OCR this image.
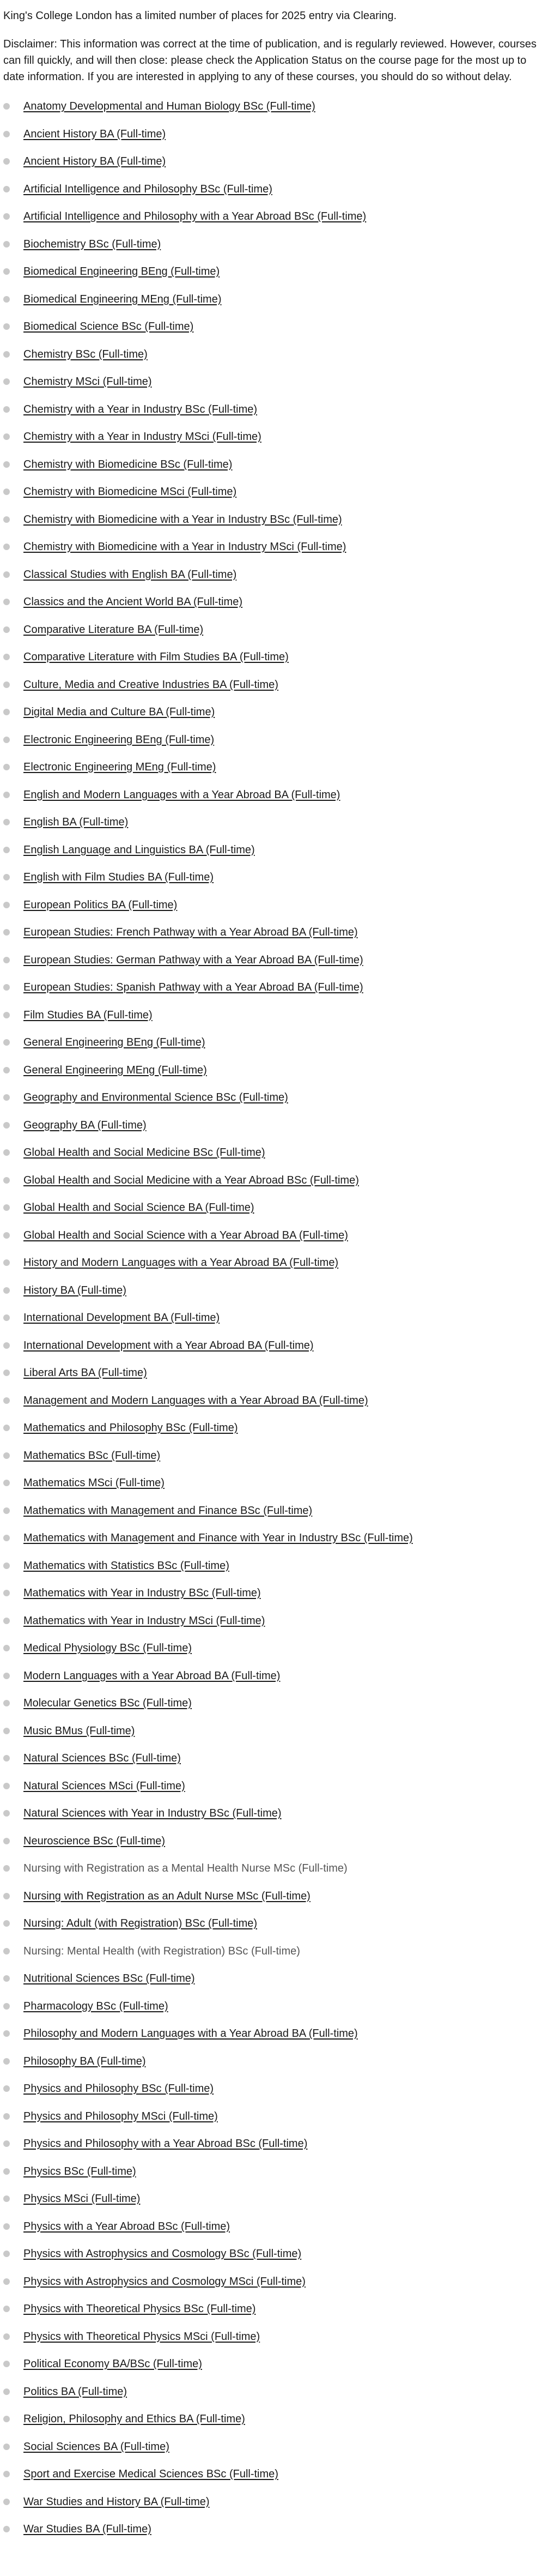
King's College London has a limited number of places for 2025 entry via Clearing.

Disclaimer: This information was correct at the time of publication, and is regularly reviewed. However, courses can fill quickly, and will then close: please check the Application Status on the course page for the most up to date information. If you are interested in applying to any of these courses, you should do so without delay.

Anatomy Developmental and Human Biology BSc (Full-time)
Ancient History BA (Full-time)
Ancient History BA (Full-time)
Artificial Intelligence and Philosophy BSc (Full-time)
Artificial Intelligence and Philosophy with a Year Abroad BSc (Full-time)
Biochemistry BSc (Full-time)
Biomedical Engineering BEng (Full-time)
Biomedical Engineering MEng (Full-time)
Biomedical Science BSc (Full-time)
Chemistry BSc (Full-time)
Chemistry MSci (Full-time)
Chemistry with a Year in Industry BSc (Full-time)
Chemistry with a Year in Industry MSci (Full-time)
Chemistry with Biomedicine BSc (Full-time)
Chemistry with Biomedicine MSci (Full-time)
Chemistry with Biomedicine with a Year in Industry BSc (Full-time)
Chemistry with Biomedicine with a Year in Industry MSci (Full-time)
Classical Studies with English BA (Full-time)
Classics and the Ancient World BA (Full-time)
Comparative Literature BA (Full-time)
Comparative Literature with Film Studies BA (Full-time)
Culture, Media and Creative Industries BA (Full-time)
Digital Media and Culture BA (Full-time)
Electronic Engineering BEng (Full-time)
Electronic Engineering MEng (Full-time)
English and Modern Languages with a Year Abroad BA (Full-time)
English BA (Full-time)
English Language and Linguistics BA (Full-time)
English with Film Studies BA (Full-time)
European Politics BA (Full-time)
European Studies: French Pathway with a Year Abroad BA (Full-time)
European Studies: German Pathway with a Year Abroad BA (Full-time)
European Studies: Spanish Pathway with a Year Abroad BA (Full-time)
Film Studies BA (Full-time)
General Engineering BEng (Full-time)
General Engineering MEng (Full-time)
Geography and Environmental Science BSc (Full-time)
Geography BA (Full-time)
Global Health and Social Medicine BSc (Full-time)
Global Health and Social Medicine with a Year Abroad BSc (Full-time)
Global Health and Social Science BA (Full-time)
Global Health and Social Science with a Year Abroad BA (Full-time)
History and Modern Languages with a Year Abroad BA (Full-time)
History BA (Full-time)
International Development BA (Full-time)
International Development with a Year Abroad BA (Full-time)
Liberal Arts BA (Full-time)
Management and Modern Languages with a Year Abroad BA (Full-time)
Mathematics and Philosophy BSc (Full-time)
Mathematics BSc (Full-time)
Mathematics MSci (Full-time)
Mathematics with Management and Finance BSc (Full-time)
Mathematics with Management and Finance with Year in Industry BSc (Full-time)
Mathematics with Statistics BSc (Full-time)
Mathematics with Year in Industry BSc (Full-time)
Mathematics with Year in Industry MSci (Full-time)
Medical Physiology BSc (Full-time)
Modern Languages with a Year Abroad BA (Full-time)
Molecular Genetics BSc (Full-time)
Music BMus (Full-time)
Natural Sciences BSc (Full-time)
Natural Sciences MSci (Full-time)
Natural Sciences with Year in Industry BSc (Full-time)
Neuroscience BSc (Full-time)
Nursing with Registration as a Mental Health Nurse MSc (Full-time)
Nursing with Registration as an Adult Nurse MSc (Full-time)
Nursing: Adult (with Registration) BSc (Full-time)
Nursing: Mental Health (with Registration) BSc (Full-time)
Nutritional Sciences BSc (Full-time)
Pharmacology BSc (Full-time)
Philosophy and Modern Languages with a Year Abroad BA (Full-time)
Philosophy BA (Full-time)
Physics and Philosophy BSc (Full-time)
Physics and Philosophy MSci (Full-time)
Physics and Philosophy with a Year Abroad BSc (Full-time)
Physics BSc (Full-time)
Physics MSci (Full-time)
Physics with a Year Abroad BSc (Full-time)
Physics with Astrophysics and Cosmology BSc (Full-time)
Physics with Astrophysics and Cosmology MSci (Full-time)
Physics with Theoretical Physics BSc (Full-time)
Physics with Theoretical Physics MSci (Full-time)
Political Economy BA/BSc (Full-time)
Politics BA (Full-time)
Religion, Philosophy and Ethics BA (Full-time)
Social Sciences BA (Full-time)
Sport and Exercise Medical Sciences BSc (Full-time)
War Studies and History BA (Full-time)
War Studies BA (Full-time)
